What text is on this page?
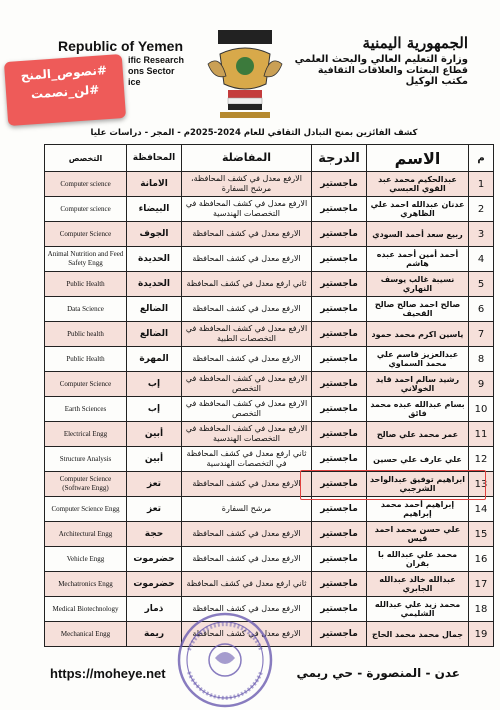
Republic of Yemen
ific Research
ons Sector
ice
#نصوص_المنح
#لن_نصمت
الجمهورية اليمنية
وزارة التعليم العالي والبحث العلمي
قطاع البعثات والعلاقات الثقافية
مكتب الوكيل
كشف الفائزين بمنح التبادل الثقافي للعام 2024-2025م - المجر - دراسات عليا
م	الاسم	الدرجة	المفاضلة	المحافظة	التخصص
1	عبدالحكيم محمد عبد القوي العبسي	ماجستير	الارفع معدل في كشف المحافظة، مرشح السفارة	الامانة	Computer science
2	عدنان عبدالله احمد علي الظاهري	ماجستير	الارفع معدل في كشف المحافظة في التخصصات الهندسية	البيضاء	Computer science
3	ربيع سعد أحمد السودي	ماجستير	الارفع معدل في كشف المحافظة	الجوف	Computer Science
4	أحمد أمين أحمد عبده هاشم	ماجستير	الارفع معدل في كشف المحافظة	الحديدة	Animal Nutrition and Feed Safety Engg
5	نسيبة غالب يوسف النهاري	ماجستير	ثاني ارفع معدل في كشف المحافظة	الحديدة	Public Health
6	صالح احمد صالح صالح القحيف	ماجستير	الارفع معدل في كشف المحافظة	الضالع	Data Science
7	ياسين اكرم محمد حمود	ماجستير	الارفع معدل في كشف المحافظة في التخصصات الطبية	الضالع	Public health
8	عبدالعزيز قاسم علي محمد السماوي	ماجستير	الارفع معدل في كشف المحافظة	المهرة	Public Health
9	رشيد سالم احمد قايد الخولاني	ماجستير	الارفع معدل في كشف المحافظة في التخصص	إب	Computer Science
10	بسام عبدالله عبده محمد فائق	ماجستير	الارفع معدل في كشف المحافظة في التخصص	إب	Earth Sciences
11	عمر محمد علي صالح	ماجستير	الارفع معدل في كشف المحافظة في التخصصات الهندسية	أبين	Electrical Engg
12	علي عارف علي حسين	ماجستير	ثاني ارفع معدل في كشف المحافظة في التخصصات الهندسية	أبين	Structure Analysis
13	ابراهيم توفيق عبدالواحد الشرجبي	ماجستير	الارفع معدل في كشف المحافظة	تعز	Computer Science (Software Engg)
14	إبراهيم أحمد محمد إبراهيم	ماجستير	مرشح السفارة	تعز	Computer Science Engg
15	علي حسن محمد احمد قيس	ماجستير	الارفع معدل في كشف المحافظة	حجة	Architectural Engg
16	محمد علي عبدالله با بقران	ماجستير	الارفع معدل في كشف المحافظة	حضرموت	Vehicle Engg
17	عبدالله خالد عبدالله الجابري	ماجستير	ثاني ارفع معدل في كشف المحافظة	حضرموت	Mechatronics Engg
18	محمد زيد علي عبدالله الشليمي	ماجستير	الارفع معدل في كشف المحافظة	ذمار	Medical Biotechnology
19	جمال محمد محمد الحاج	ماجستير	الارفع معدل في كشف المحافظة	ريمة	Mechanical Engg
https://moheye.net	عدن - المنصورة - حي ريمي
